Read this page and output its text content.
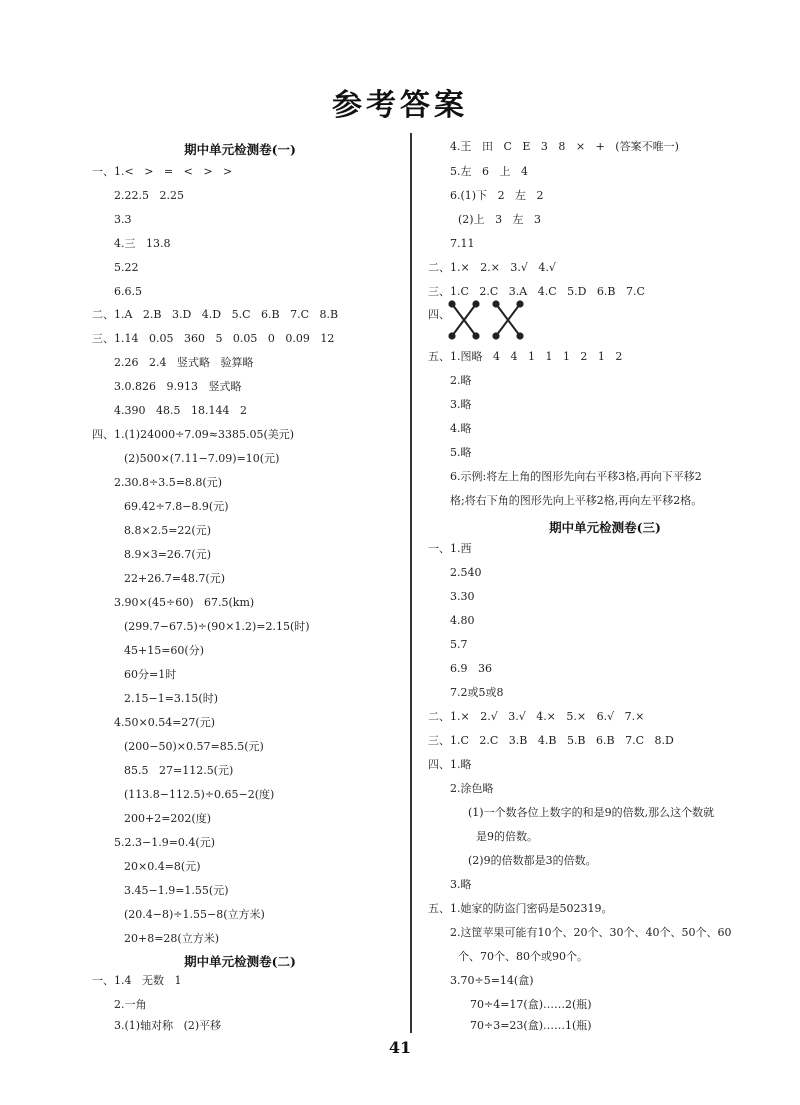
参考答案
期中单元检测卷(一)
一、1.<   >   =   <   >   >
2.22.5   2.25
3.3
4.三   13.8
5.22
6.6.5
二、1.A   2.B   3.D   4.D   5.C   6.B   7.C   8.B
三、1.14   0.05   360   5   0.05   0   0.09   12
2.26   2.4   竖式略   验算略
3.0.826   9.913   竖式略
4.390   48.5   18.144   2
四、1.(1)24000÷7.09≈3385.05(美元)
(2)500×(7.11−7.09)=10(元)
2.30.8÷3.5=8.8(元)
69.42÷7.8−8.9(元)
8.8×2.5=22(元)
8.9×3=26.7(元)
22+26.7=48.7(元)
3.90×(45÷60)   67.5(km)
(299.7−67.5)÷(90×1.2)=2.15(时)
45+15=60(分)
60分=1时
2.15−1=3.15(时)
4.50×0.54=27(元)
(200−50)×0.57=85.5(元)
85.5   27=112.5(元)
(113.8−112.5)÷0.65−2(度)
200+2=202(度)
5.2.3−1.9=0.4(元)
20×0.4=8(元)
3.45−1.9=1.55(元)
(20.4−8)÷1.55−8(立方米)
20+8=28(立方米)
期中单元检测卷(二)
一、1.4   无数   1
2.一角
3.(1)轴对称   (2)平移
4.王   田   C   E   3   8   ×   +   (答案不唯一)
5.左   6   上   4
6.(1)下   2   左   2
(2)上   3   左   3
7.11
二、1.×   2.×   3.√   4.√
三、1.C   2.C   3.A   4.C   5.D   6.B   7.C
四、
五、1.图略   4   4   1   1   1   2   1   2
2.略
3.略
4.略
5.略
6.示例:将左上角的图形先向右平移3格,再向下平移2
格;将右下角的图形先向上平移2格,再向左平移2格。
期中单元检测卷(三)
一、1.西
2.540
3.30
4.80
5.7
6.9   36
7.2或5或8
二、1.×   2.√   3.√   4.×   5.×   6.√   7.×
三、1.C   2.C   3.B   4.B   5.B   6.B   7.C   8.D
四、1.略
2.涂色略
(1)一个数各位上数字的和是9的倍数,那么这个数就
是9的倍数。
(2)9的倍数都是3的倍数。
3.略
五、1.她家的防盗门密码是502319。
2.这筐苹果可能有10个、20个、30个、40个、50个、60
个、70个、80个或90个。
3.70÷5=14(盒)
70÷4=17(盒)……2(瓶)
70÷3=23(盒)……1(瓶)
41
